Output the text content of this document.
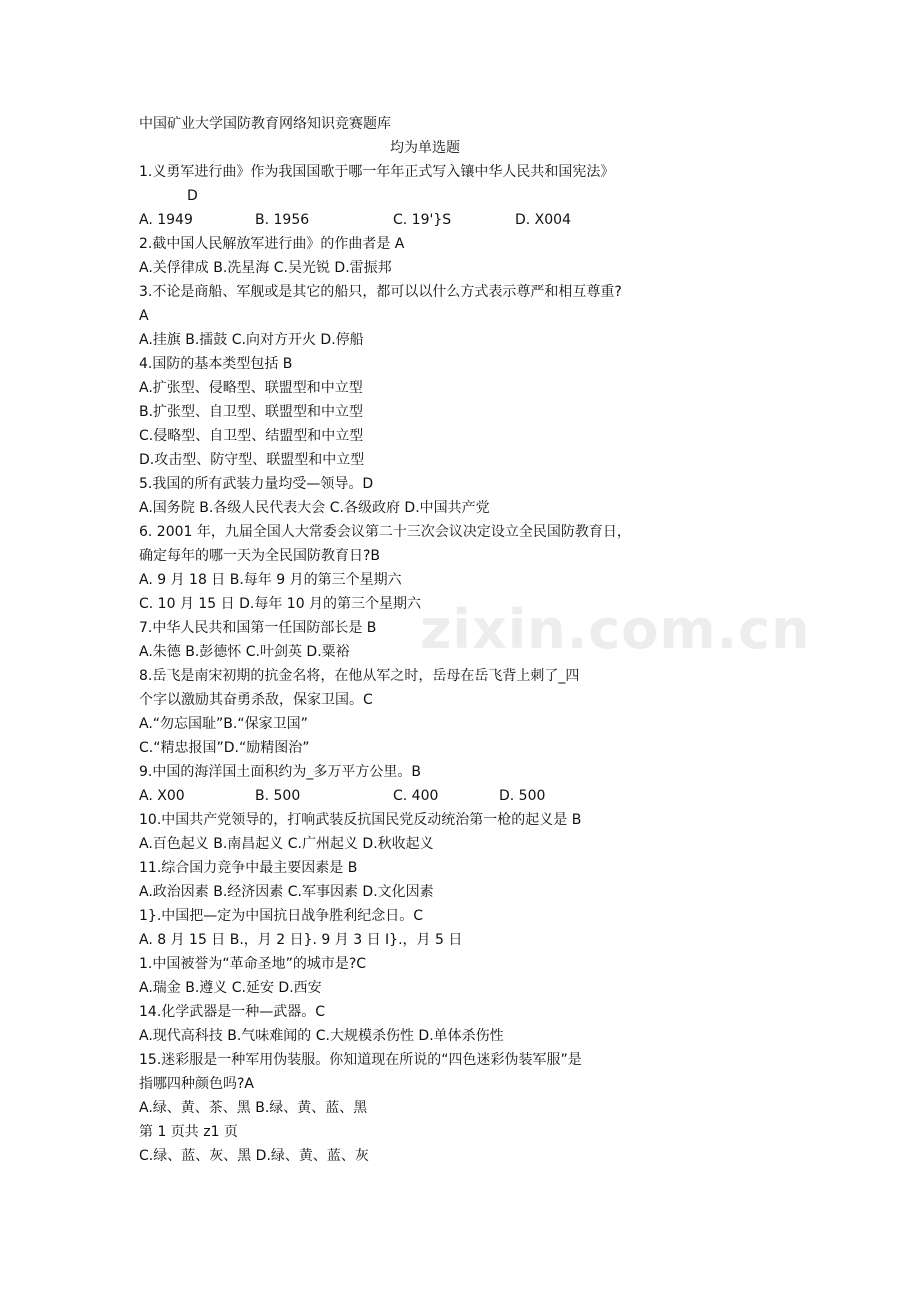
zixin.com.cn
中国矿业大学国防教育网络知识竞赛题库
均为单选题
1.义勇军进行曲》作为我国国歌于哪一年年正式写入镶中华人民共和国宪法》
D
A. 1949	B. 1956	C. 19'}S	D. X004
2.截中国人民解放军进行曲》的作曲者是 A
A.关俘律成 B.冼星海 C.吴光锐 D.雷振邦
3.不论是商船、军舰或是其它的船只，都可以以什么方式表示尊严和相互尊重?
A
A.挂旗 B.擂鼓 C.向对方开火 D.停船
4.国防的基本类型包括 B
A.扩张型、侵略型、联盟型和中立型
B.扩张型、自卫型、联盟型和中立型
C.侵略型、自卫型、结盟型和中立型
D.攻击型、防守型、联盟型和中立型
5.我国的所有武装力量均受—领导。D
A.国务院 B.各级人民代表大会 C.各级政府 D.中国共产党
6. 2001 年，九届全国人大常委会议第二十三次会议决定设立全民国防教育日，
确定每年的哪一天为全民国防教育日?B
A. 9 月 18 日 B.每年 9 月的第三个星期六
C. 10 月 15 日 D.每年 10 月的第三个星期六
7.中华人民共和国第一任国防部长是 B
A.朱德 B.彭德怀 C.叶剑英 D.粟裕
8.岳飞是南宋初期的抗金名将，在他从军之时，岳母在岳飞背上刺了_四
个字以激励其奋勇杀敌，保家卫国。C
A.“勿忘国耻”B.“保家卫国”
C.“精忠报国”D.“励精图治”
9.中国的海洋国土面积约为_多万平方公里。B
A. X00	B. 500	C. 400	D. 500
10.中国共产党领导的，打响武装反抗国民党反动统治第一枪的起义是 B
A.百色起义 B.南昌起义 C.广州起义 D.秋收起义
11.综合国力竞争中最主要因素是 B
A.政治因素 B.经济因素 C.军事因素 D.文化因素
1}.中国把—定为中国抗日战争胜利纪念日。C
A. 8 月 15 日 B.，月 2 日}. 9 月 3 日 I}.，月 5 日
1.中国被誉为“革命圣地”的城市是?C
A.瑞金 B.遵义 C.延安 D.西安
14.化学武器是一种—武器。C
A.现代高科技 B.气味难闻的 C.大规模杀伤性 D.单体杀伤性
15.迷彩服是一种军用伪装服。你知道现在所说的“四色迷彩伪装军服”是
指哪四种颜色吗?A
A.绿、黄、茶、黑 B.绿、黄、蓝、黑
第 1 页共 z1 页
C.绿、蓝、灰、黑 D.绿、黄、蓝、灰
